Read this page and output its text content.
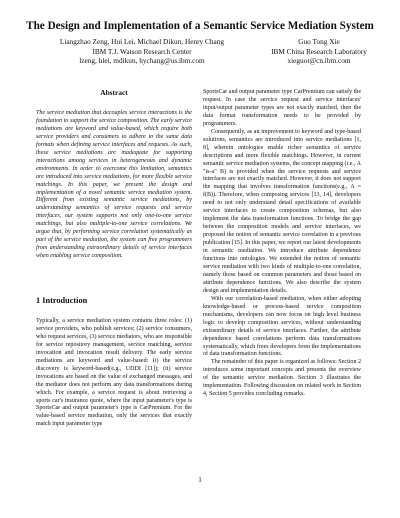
The Design and Implementation of a Semantic Service Mediation System
Liangzhao Zeng, Hui Lei, Michael Dikun, Henry Chang
IBM T.J. Watson Research Center
lzeng, hlei, mdikun, hychang@us.ibm.com
Guo Tong Xie
IBM China Research Laboratory
xieguot@cn.ibm.com
Abstract
The service mediation that decouples service interactions is the foundation to support the service composition. The early service mediations are keyword and value-based, which require both service providers and consumers to adhere to the same data formats when defining service interfaces and requests. As such, these service mediations are inadequate for supporting interactions among services in heterogeneous and dynamic environments. In order to overcome this limitation, semantics are introduced into service mediations, for more flexible service matchings. In this paper, we present the design and implementation of a novel semantic service mediation system. Different from existing semantic service mediations, by understanding semantics of service requests and service interfaces, our system supports not only one-to-one service matchings, but also multiple-to-one service correlations. We argue that, by performing service correlation systematically as part of the service mediation, the system can free programmers from understanding extraordinary details of service interfaces when enabling service composition.
1 Introduction

Typically, a service mediation system contains three roles: (1) service providers, who publish services; (2) service consumers, who request services, (3) service mediators, who are responsible for service repository management, service matching, service invocation and invocation result delivery. The early service mediations are keyword and value-based: (i) the service discovery is keyword-based(e.g., UDDI [11]); (ii) service invocations are based on the value of exchanged messages, and the mediator does not perform any data transformations during which. For example, a service request is about retrieving a sports car's insurance quote, where the input parameter's type is SportsCar and output parameter's type is CarPremium. For the value-based service mediation, only the services that exactly match input parameter type

SportsCar and output parameter type CarPremium can satisfy the request. In case the service request and service interfaces' input/output parameter types are not exactly matched, then the data format transformation needs to be provided by programmers.

Consequently, as an improvement to keyword and type-based solutions, semantics are introduced into service mediations [1, 8], wherein ontologies enable richer semantics of service descriptions and more flexible matchings. However, in current semantic service mediation systems, the concept mapping (i.e., A "is-a" B) is provided when the service requests and service interfaces are not exactly matched. However, it does not support the mapping that involves transformation functions(e.g., A = f(B)). Therefore, when composing services [13, 14], developers need to not only understand detail specifications of available service interfaces to create composition schemas, but also implement the data transformation functions. To bridge the gap between the composition models and service interfaces, we proposed the notion of semantic service correlation in a previous publication [15]. In this paper, we report our latest developments in semantic mediation. We introduce attribute dependence functions into ontologies. We extended the notion of semantic service mediation with two kinds of multiple-to-one correlation, namely those based on common parameters and those based on attribute dependence functions. We also describe the system design and implementation details.

With our correlation-based mediation, when either adopting knowledge-based or process-based service composition mechanisms, developers can now focus on high level business logic to develop composition services, without understanding extraordinary details of service interfaces. Further, the attribute dependence based correlations perform data transformations systematically, which frees developers from the implementations of data transformation functions.

The remainder of this paper is organized as follows: Section 2 introduces some important concepts and presents the overview of the semantic service mediation. Section 3 illustrates the implementation. Following discussion on related work in Section 4, Section 5 provides concluding remarks.

1
